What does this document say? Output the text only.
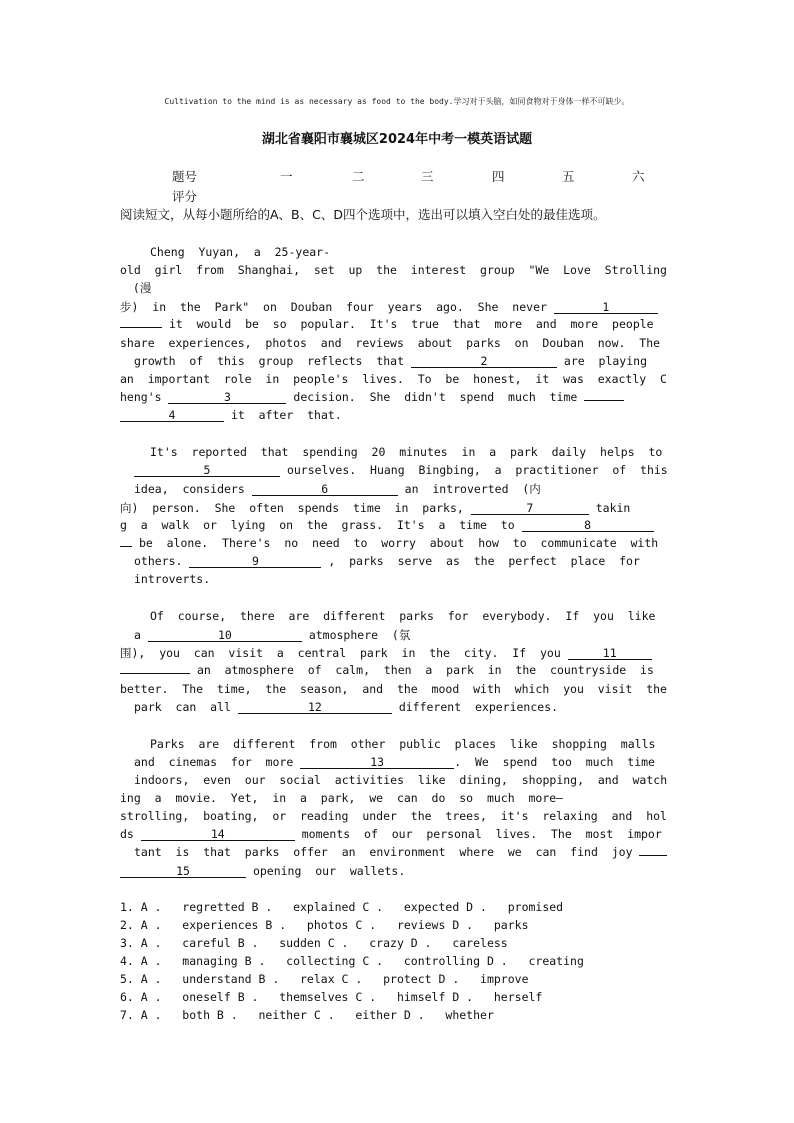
Cultivation to the mind is as necessary as food to the body.学习对于头脑，如同食物对于身体一样不可缺少。
湖北省襄阳市襄城区2024年中考一模英语试题
题号	一	二	三	四	五	六
评分
阅读短文，从每小题所给的A、B、C、D四个选项中，选出可以填入空白处的最佳选项。
Cheng  Yuyan,  a  25-year-
old  girl  from  Shanghai,  set  up  the  interest  group  "We  Love  Strolling
(漫
步)  in  the  Park"  on  Douban  four  years  ago.  She  never	1
it  would  be  so  popular.  It's  true  that  more  and  more  people
share  experiences,  photos  and  reviews  about  parks  on  Douban  now.  The
growth  of  this  group  reflects  that	2	are  playing
an  important  role  in  people's  lives.  To  be  honest,  it  was  exactly  C
heng's	3	decision.  She  didn't  spend  much  time
4	it  after  that.
It's  reported  that  spending  20  minutes  in  a  park  daily  helps  to
5	ourselves.  Huang  Bingbing,  a  practitioner  of  this
idea,  considers	6	an  introverted  (内
向)  person.  She  often  spends  time  in  parks,	7	takin
g  a  walk  or  lying  on  the  grass.  It's  a  time  to	8
be  alone.  There's  no  need  to  worry  about  how  to  communicate  with
others.	9	,  parks  serve  as  the  perfect  place  for
introverts.
Of  course,  there  are  different  parks  for  everybody.  If  you  like
a	10	atmosphere  (氛
围),  you  can  visit  a  central  park  in  the  city.  If  you	11
an  atmosphere  of  calm,  then  a  park  in  the  countryside  is
better.  The  time,  the  season,  and  the  mood  with  which  you  visit  the
park  can  all	12	different  experiences.
Parks  are  different  from  other  public  places  like  shopping  malls
and  cinemas  for  more	13	.  We  spend  too  much  time
indoors,  even  our  social  activities  like  dining,  shopping,  and  watch
ing  a  movie.  Yet,  in  a  park,  we  can  do  so  much  more—
strolling,  boating,  or  reading  under  the  trees,  it's  relaxing  and  hol
ds	14	moments  of  our  personal  lives.  The  most  impor
tant  is  that  parks  offer  an  environment  where  we  can  find  joy
15	opening  our  wallets.
1. A .   regretted B .   explained C .   expected D .   promised
2. A .   experiences B .   photos C .   reviews D .   parks
3. A .   careful B .   sudden C .   crazy D .   careless
4. A .   managing B .   collecting C .   controlling D .   creating
5. A .   understand B .   relax C .   protect D .   improve
6. A .   oneself B .   themselves C .   himself D .   herself
7. A .   both B .   neither C .   either D .   whether
